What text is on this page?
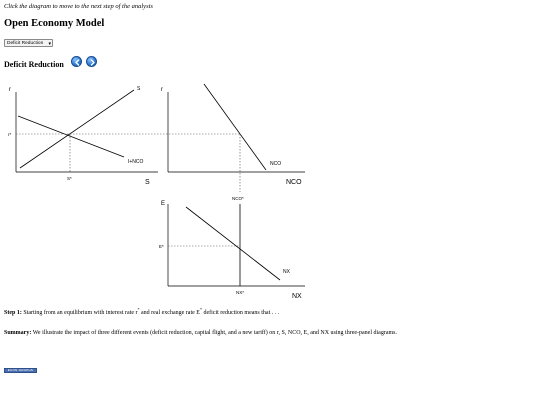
Click the diagram to move to the next step of the analysis
Open Economy Model
Deficit Reduction ▾
Deficit Reduction
r
S
S
I+NCO
r*
S*
r
NCO
NCO
E
NX
NCO*
NX
E*
NX*
Step 1: Starting from an equilibrium with interest rate r* and real exchange rate E* deficit reduction means that . . .
Summary: We illustrate the impact of three different events (deficit reduction, capital flight, and a new tariff) on r, S, NCO, E, and NX using three-panel diagrams.
ECON GRAPHS
